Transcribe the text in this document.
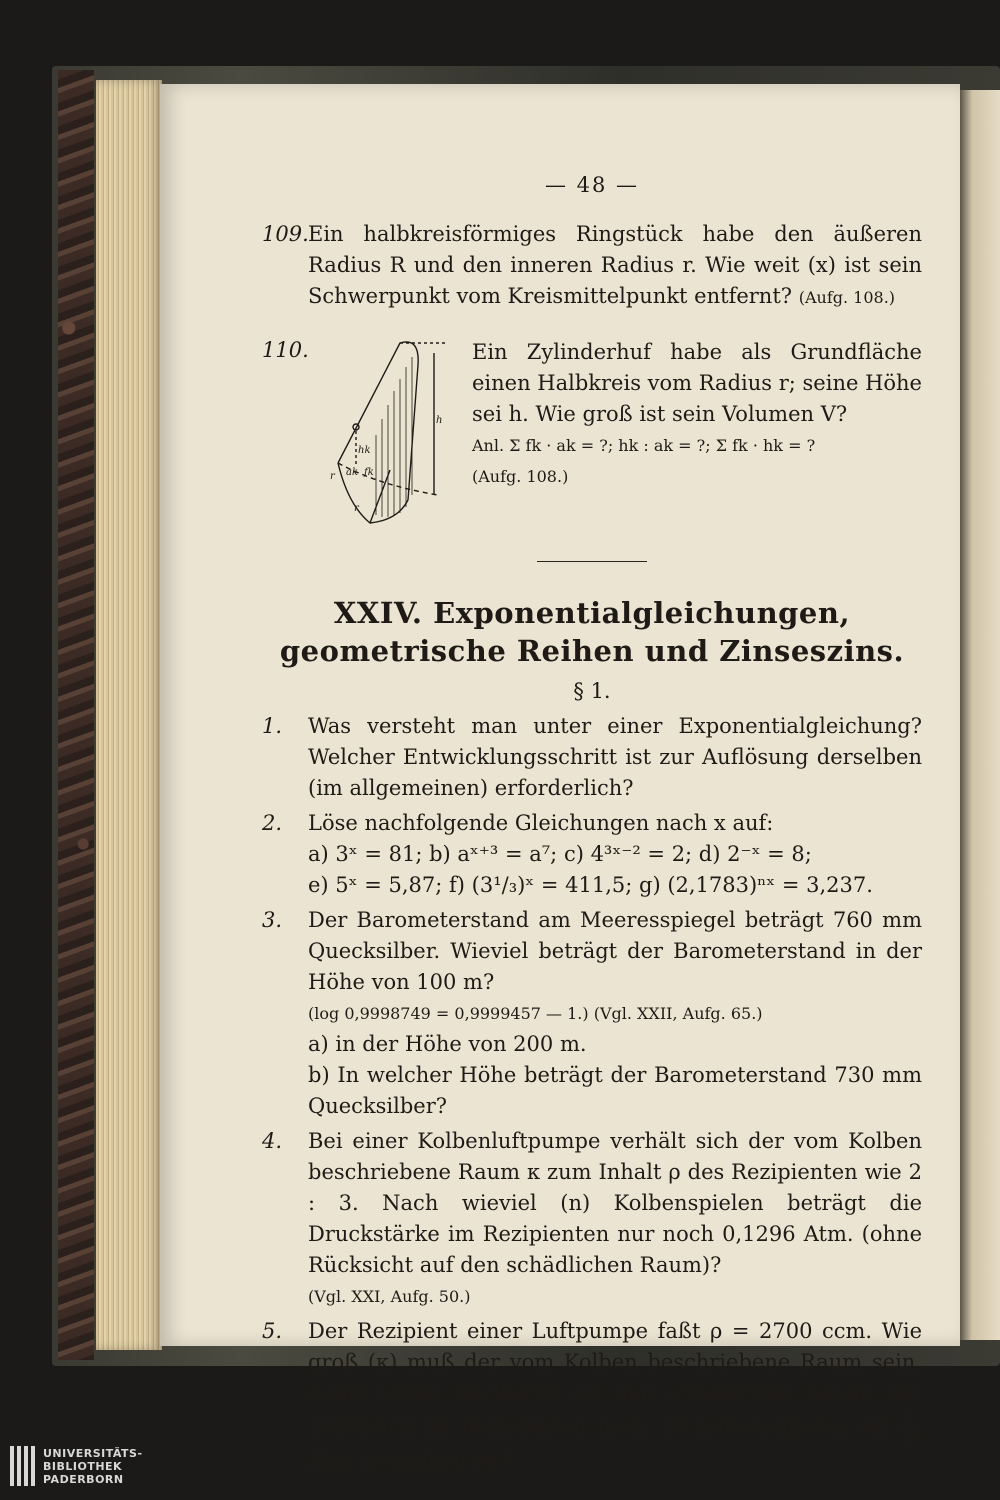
— 48 —
109. Ein halbkreisförmiges Ringstück habe den äußeren Radius R und den inneren Radius r. Wie weit (x) ist sein Schwerpunkt vom Kreismittelpunkt entfernt? (Aufg. 108.)
110.
h
hk
r ak fk
r
Ein Zylinderhuf habe als Grundfläche einen Halbkreis vom Radius r; seine Höhe sei h. Wie groß ist sein Volumen V?
Anl. Σ fk · ak = ?; hk : ak = ?; Σ fk · hk = ?
(Aufg. 108.)
XXIV. Exponentialgleichungen, geometrische Reihen und Zinseszins.
§ 1.
1. Was versteht man unter einer Exponentialgleichung? Welcher Entwicklungsschritt ist zur Auflösung derselben (im allgemeinen) erforderlich?
2. Löse nachfolgende Gleichungen nach x auf:
a) 3ˣ = 81; b) aˣ⁺³ = a⁷; c) 4³ˣ⁻² = 2; d) 2⁻ˣ = 8;
e) 5ˣ = 5,87; f) (3¹/₃)ˣ = 411,5; g) (2,1783)ⁿˣ = 3,237.
3. Der Barometerstand am Meeresspiegel beträgt 760 mm Quecksilber. Wieviel beträgt der Barometerstand in der Höhe von 100 m?
(log 0,9998749 = 0,9999457 — 1.) (Vgl. XXII, Aufg. 65.)
a) in der Höhe von 200 m.
b) In welcher Höhe beträgt der Barometerstand 730 mm Quecksilber?
4. Bei einer Kolbenluftpumpe verhält sich der vom Kolben beschriebene Raum κ zum Inhalt ρ des Rezipienten wie 2 : 3. Nach wieviel (n) Kolbenspielen beträgt die Druckstärke im Rezipienten nur noch 0,1296 Atm. (ohne Rücksicht auf den schädlichen Raum)?
(Vgl. XXI, Aufg. 50.)
5. Der Rezipient einer Luftpumpe faßt ρ = 2700 ccm. Wie groß (κ) muß der vom Kolben beschriebene Raum sein, damit (ohne Rücksicht auf den schädlichen Raum) der Luftdruck im Rezipienten nach 10 Kolbenspielen auf $\frac{1}{10}$
Atm. gesunken ist?
UNIVERSITÄTS-
BIBLIOTHEK
PADERBORN
